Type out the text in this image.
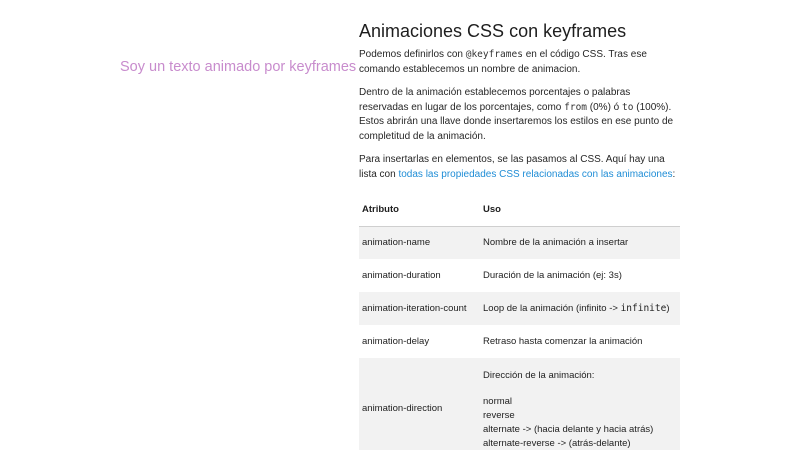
Soy un texto animado por keyframes
Animaciones CSS con keyframes

Podemos definirlos con @keyframes en el código CSS. Tras ese comando establecemos un nombre de animacion.

Dentro de la animación establecemos porcentajes o palabras reservadas en lugar de los porcentajes, como from (0%) ó to (100%). Estos abrirán una llave donde insertaremos los estilos en ese punto de completitud de la animación.

Para insertarlas en elementos, se las pasamos al CSS. Aquí hay una lista con todas las propiedades CSS relacionadas con las animaciones:

Atributo	Uso
animation-name	Nombre de la animación a insertar
animation-duration	Duración de la animación (ej: 3s)
animation-iteration-count	Loop de la animación (infinito -> infinite)
animation-delay	Retraso hasta comenzar la animación
animation-direction	Dirección de la animación:
normal
reverse
alternate -> (hacia delante y hacia atrás)
alternate-reverse -> (atrás-delante)
